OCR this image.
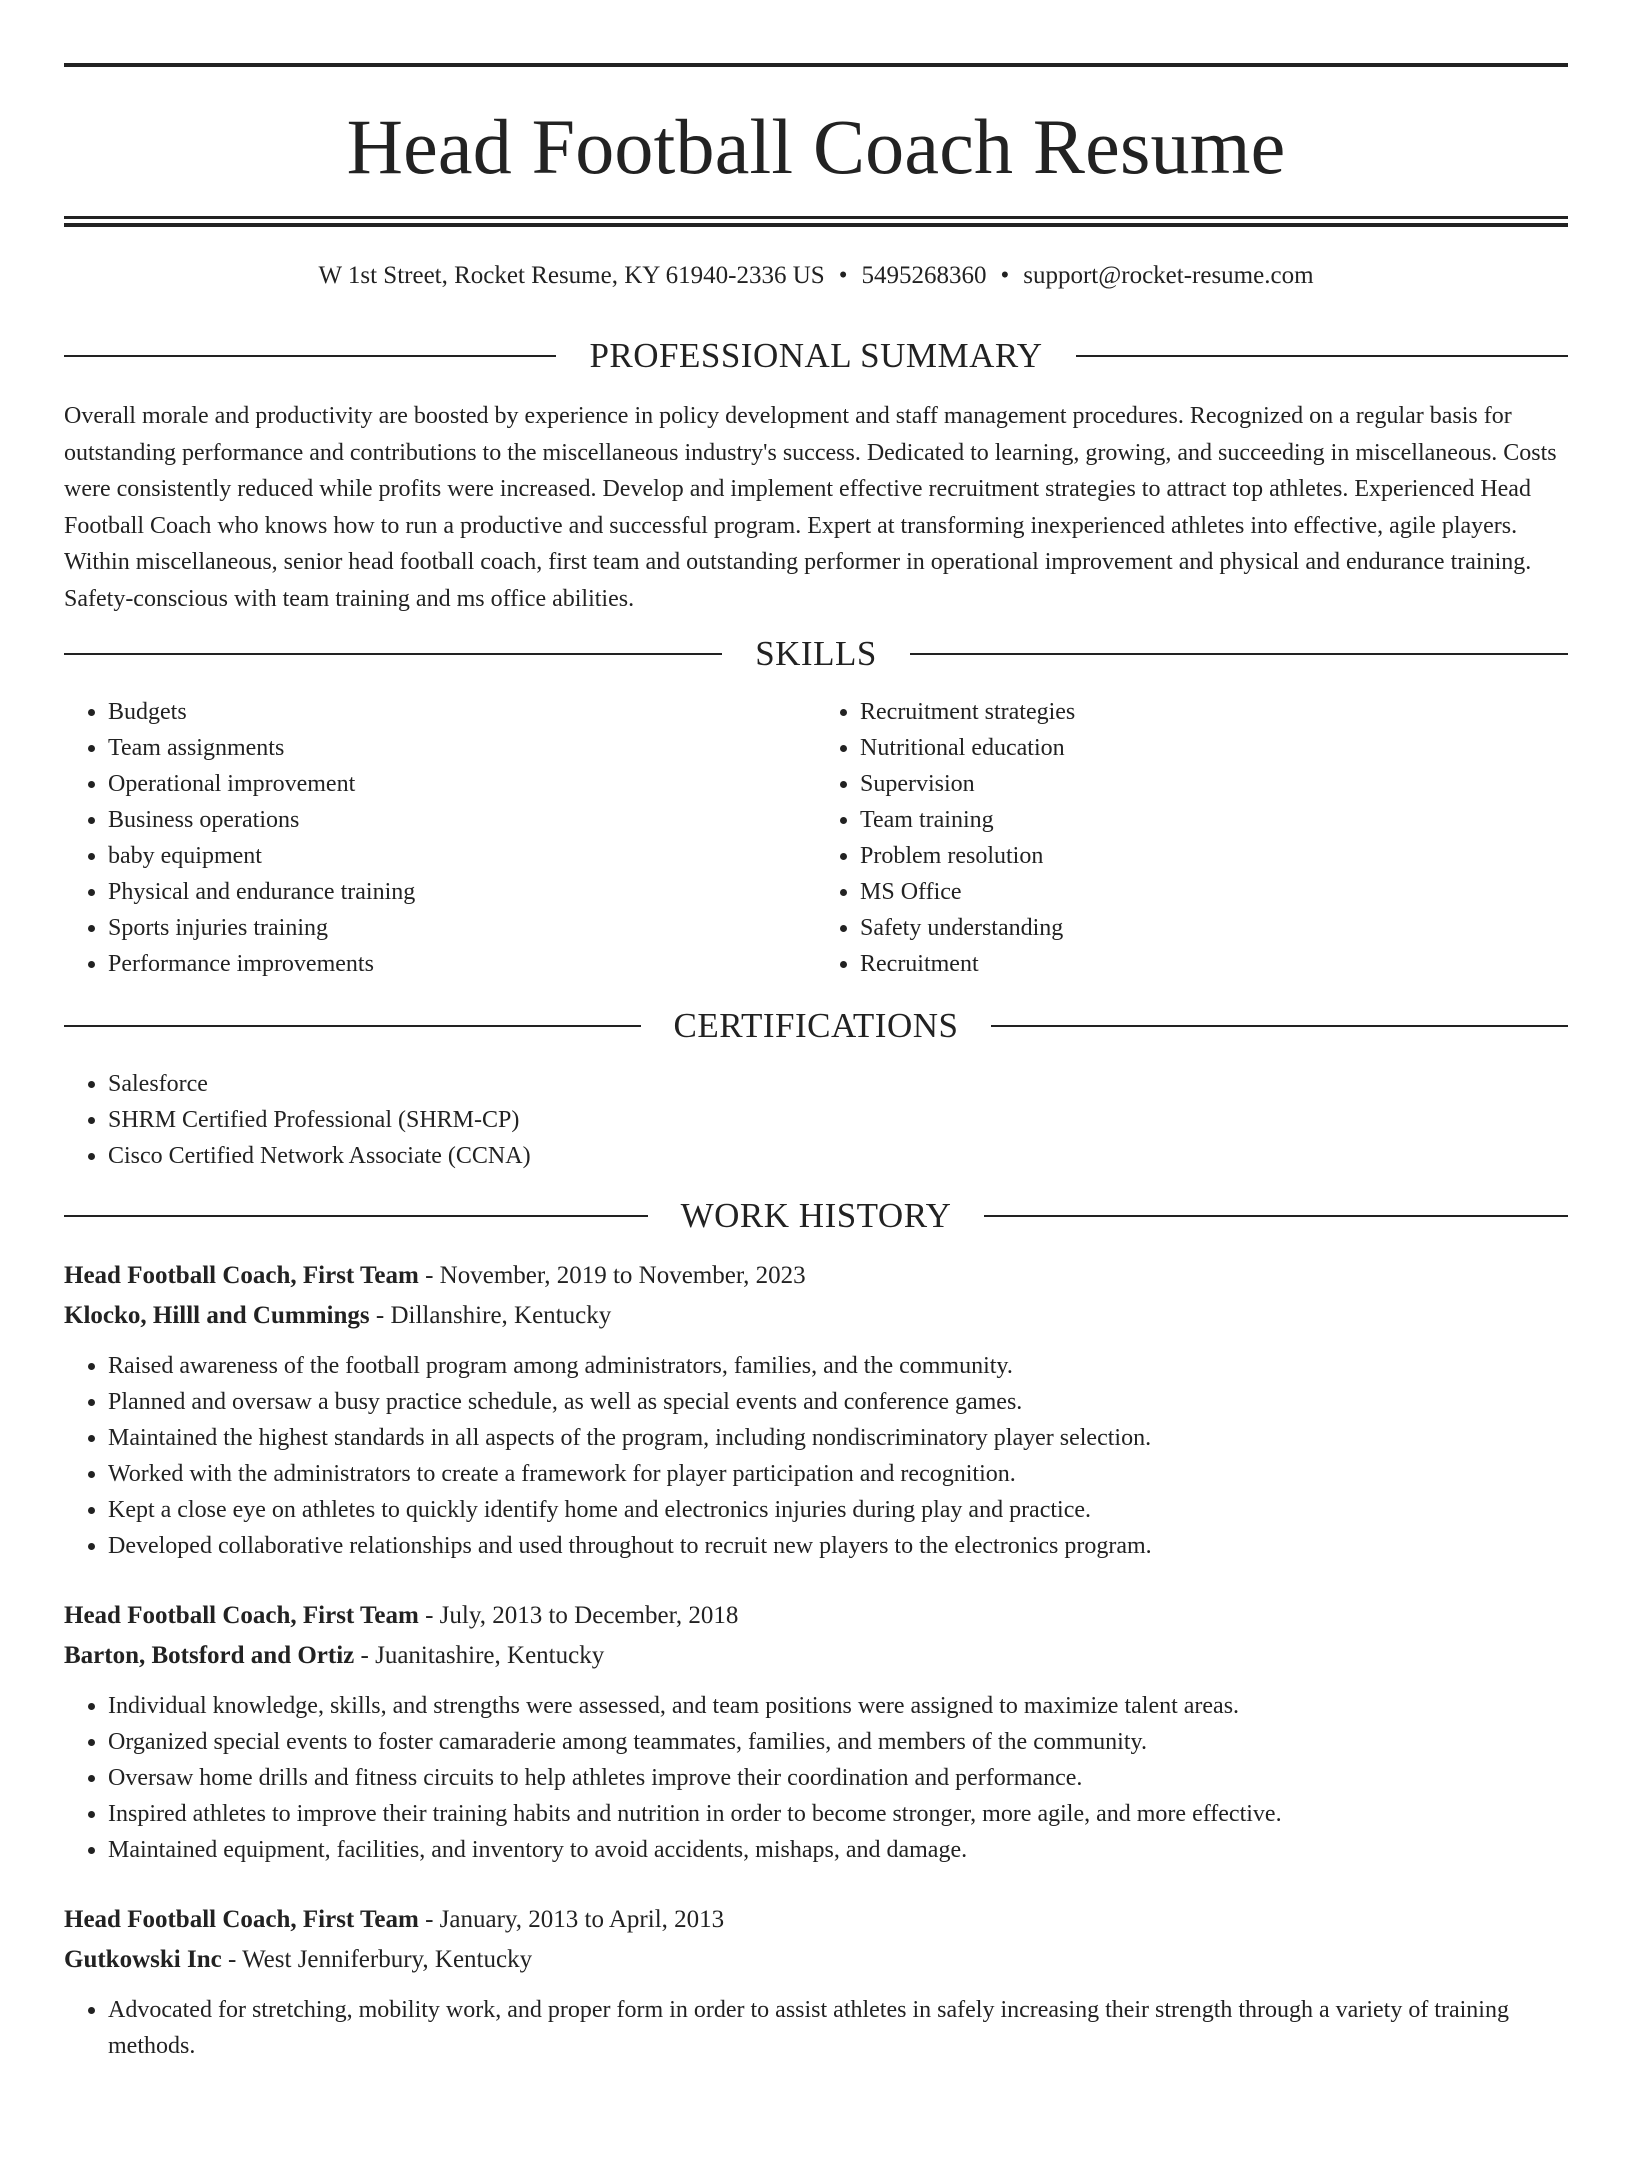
Head Football Coach Resume
W 1st Street, Rocket Resume, KY 61940-2336 US • 5495268360 • support@rocket-resume.com
PROFESSIONAL SUMMARY
Overall morale and productivity are boosted by experience in policy development and staff management procedures. Recognized on a regular basis for outstanding performance and contributions to the miscellaneous industry's success. Dedicated to learning, growing, and succeeding in miscellaneous. Costs were consistently reduced while profits were increased. Develop and implement effective recruitment strategies to attract top athletes. Experienced Head Football Coach who knows how to run a productive and successful program. Expert at transforming inexperienced athletes into effective, agile players. Within miscellaneous, senior head football coach, first team and outstanding performer in operational improvement and physical and endurance training. Safety-conscious with team training and ms office abilities.
SKILLS
• Budgets
• Team assignments
• Operational improvement
• Business operations
• baby equipment
• Physical and endurance training
• Sports injuries training
• Performance improvements
• Recruitment strategies
• Nutritional education
• Supervision
• Team training
• Problem resolution
• MS Office
• Safety understanding
• Recruitment
CERTIFICATIONS
• Salesforce
• SHRM Certified Professional (SHRM-CP)
• Cisco Certified Network Associate (CCNA)
WORK HISTORY
Head Football Coach, First Team - November, 2019 to November, 2023
Klocko, Hilll and Cummings - Dillanshire, Kentucky
• Raised awareness of the football program among administrators, families, and the community.
• Planned and oversaw a busy practice schedule, as well as special events and conference games.
• Maintained the highest standards in all aspects of the program, including nondiscriminatory player selection.
• Worked with the administrators to create a framework for player participation and recognition.
• Kept a close eye on athletes to quickly identify home and electronics injuries during play and practice.
• Developed collaborative relationships and used throughout to recruit new players to the electronics program.
Head Football Coach, First Team - July, 2013 to December, 2018
Barton, Botsford and Ortiz - Juanitashire, Kentucky
• Individual knowledge, skills, and strengths were assessed, and team positions were assigned to maximize talent areas.
• Organized special events to foster camaraderie among teammates, families, and members of the community.
• Oversaw home drills and fitness circuits to help athletes improve their coordination and performance.
• Inspired athletes to improve their training habits and nutrition in order to become stronger, more agile, and more effective.
• Maintained equipment, facilities, and inventory to avoid accidents, mishaps, and damage.
Head Football Coach, First Team - January, 2013 to April, 2013
Gutkowski Inc - West Jenniferbury, Kentucky
• Advocated for stretching, mobility work, and proper form in order to assist athletes in safely increasing their strength through a variety of training methods.
